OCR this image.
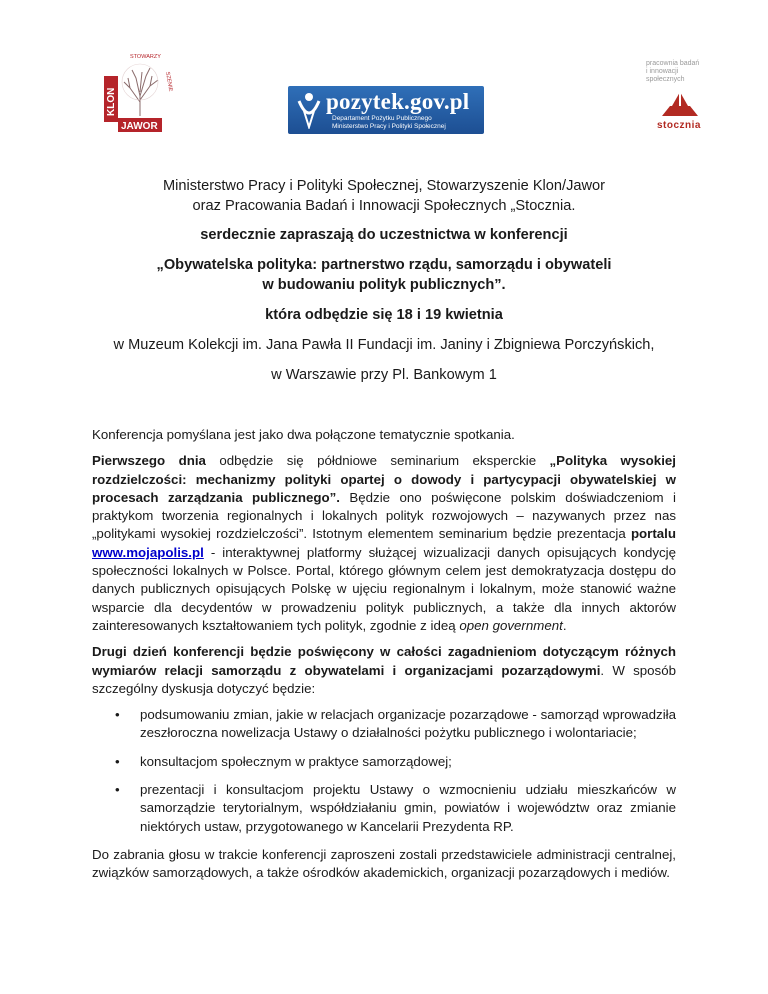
KLON
JAWOR
STOWARZY
SZENIE
pozytek.gov.pl
Departament Pożytku Publicznego
Ministerstwo Pracy i Polityki Społecznej
pracownia badań
i innowacji
społecznych
stocznia

Ministerstwo Pracy i Polityki Społecznej, Stowarzyszenie Klon/Jawor

oraz Pracowania Badań i Innowacji Społecznych „Stocznia.

serdecznie zapraszają do uczestnictwa w konferencji

„Obywatelska polityka: partnerstwo rządu, samorządu i obywateli
w budowaniu polityk publicznych”.

która odbędzie się 18 i 19 kwietnia

w Muzeum Kolekcji im. Jana Pawła II Fundacji im. Janiny i Zbigniewa Porczyńskich,

w Warszawie przy Pl. Bankowym 1

Konferencja pomyślana jest jako dwa połączone tematycznie spotkania.

Pierwszego dnia odbędzie się półdniowe seminarium eksperckie „Polityka wysokiej rozdzielczości: mechanizmy polityki opartej o dowody i partycypacji obywatelskiej w procesach zarządzania publicznego”. Będzie ono poświęcone polskim doświadczeniom i praktykom tworzenia regionalnych i lokalnych polityk rozwojowych – nazywanych przez nas „politykami wysokiej rozdzielczości”. Istotnym elementem seminarium będzie prezentacja portalu www.mojapolis.pl - interaktywnej platformy służącej wizualizacji danych opisujących kondycję społeczności lokalnych w Polsce. Portal, którego głównym celem jest demokratyzacja dostępu do danych publicznych opisujących Polskę w ujęciu regionalnym i lokalnym, może stanowić ważne wsparcie dla decydentów w prowadzeniu polityk publicznych, a także dla innych aktorów zainteresowanych kształtowaniem tych polityk, zgodnie z ideą open government.

Drugi dzień konferencji będzie poświęcony w całości zagadnieniom dotyczącym różnych wymiarów relacji samorządu z obywatelami i organizacjami pozarządowymi. W sposób szczególny dyskusja dotyczyć będzie:

• podsumowaniu zmian, jakie w relacjach organizacje pozarządowe - samorząd wprowadziła zeszłoroczna nowelizacja Ustawy o działalności pożytku publicznego i wolontariacie;
• konsultacjom społecznym w praktyce samorządowej;
• prezentacji i konsultacjom projektu Ustawy o wzmocnieniu udziału mieszkańców w samorządzie terytorialnym, współdziałaniu gmin, powiatów i województw oraz zmianie niektórych ustaw, przygotowanego w Kancelarii Prezydenta RP.

Do zabrania głosu w trakcie konferencji zaproszeni zostali przedstawiciele administracji centralnej, związków samorządowych, a także ośrodków akademickich, organizacji pozarządowych i mediów.
